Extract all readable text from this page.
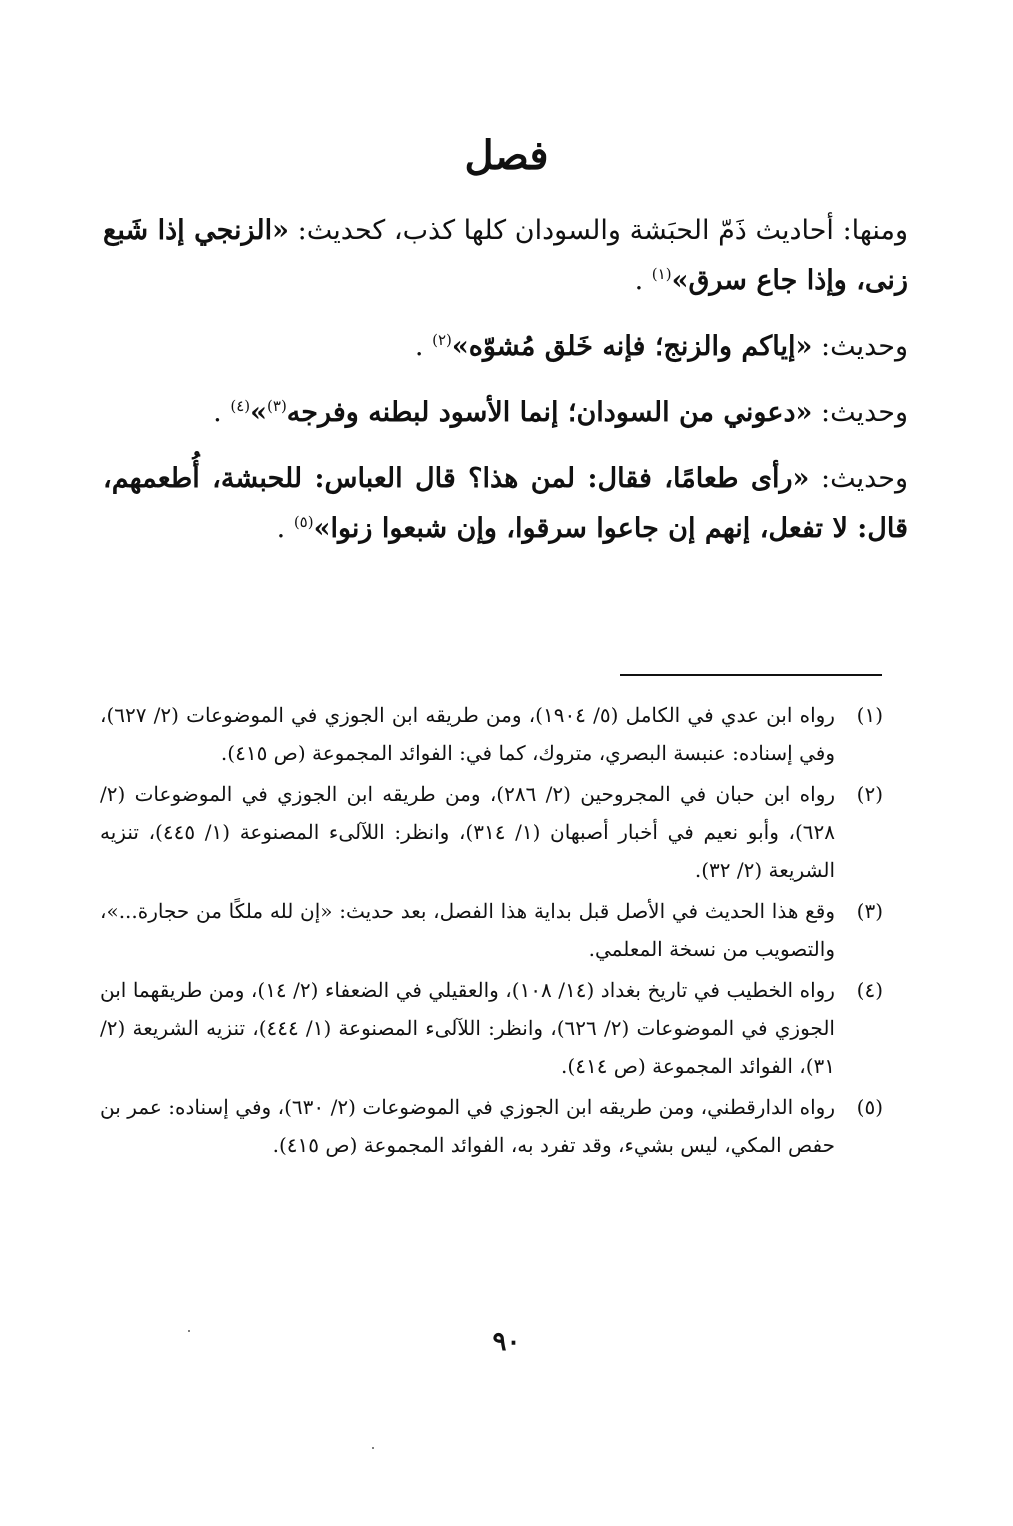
فصل

ومنها: أحاديث ذَمّ الحبَشة والسودان كلها كذب، كحديث: «الزنجي إذا شَبع زنى، وإذا جاع سرق»$^{(١)}$ .

وحديث: «إياكم والزنج؛ فإنه خَلق مُشوّه»$^{(٢)}$ .

وحديث: «دعوني من السودان؛ إنما الأسود لبطنه وفرجه$^{(٣)}$»$^{(٤)}$ .

وحديث: «رأى طعامًا، فقال: لمن هذا؟ قال العباس: للحبشة، أُطعمهم، قال: لا تفعل، إنهم إن جاعوا سرقوا، وإن شبعوا زنوا»$^{(٥)}$ .

(١)
رواه ابن عدي في الكامل (٥/ ١٩٠٤)، ومن طريقه ابن الجوزي في الموضوعات (٢/ ٦٢٧)، وفي إسناده: عنبسة البصري، متروك، كما في: الفوائد المجموعة (ص ٤١٥).
(٢)
رواه ابن حبان في المجروحين (٢/ ٢٨٦)، ومن طريقه ابن الجوزي في الموضوعات (٢/ ٦٢٨)، وأبو نعيم في أخبار أصبهان (١/ ٣١٤)، وانظر: اللآلىء المصنوعة (١/ ٤٤٥)، تنزيه الشريعة (٢/ ٣٢).
(٣)
وقع هذا الحديث في الأصل قبل بداية هذا الفصل، بعد حديث: «إن لله ملكًا من حجارة...»، والتصويب من نسخة المعلمي.
(٤)
رواه الخطيب في تاريخ بغداد (١٤/ ١٠٨)، والعقيلي في الضعفاء (٢/ ١٤)، ومن طريقهما ابن الجوزي في الموضوعات (٢/ ٦٢٦)، وانظر: اللآلىء المصنوعة (١/ ٤٤٤)، تنزيه الشريعة (٢/ ٣١)، الفوائد المجموعة (ص ٤١٤).
(٥)
رواه الدارقطني، ومن طريقه ابن الجوزي في الموضوعات (٢/ ٦٣٠)، وفي إسناده: عمر بن حفص المكي، ليس بشيء، وقد تفرد به، الفوائد المجموعة (ص ٤١٥).
٩٠
